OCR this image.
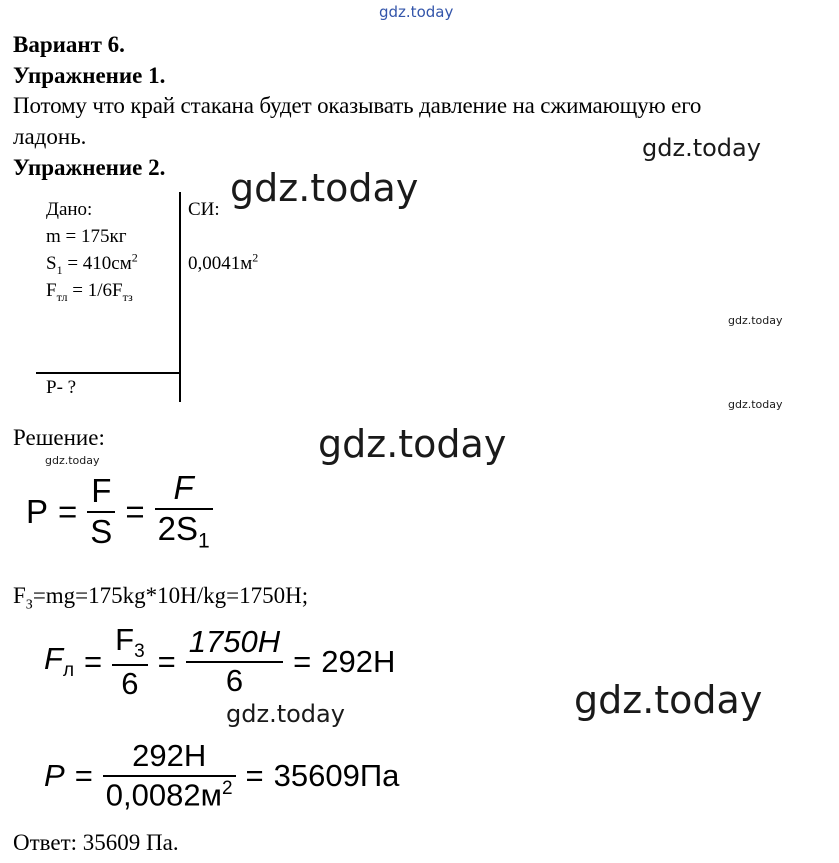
gdz.today
gdz.today
gdz.today
gdz.today
gdz.today
gdz.today
gdz.today
gdz.today
gdz.today
Вариант 6.
Упражнение 1.
Потому что край стакана будет оказывать давление на сжимающую его
ладонь.
Упражнение 2.
Дано:
m = 175кг
$S_1 = 410см^2$
$F_{тл} = 1/6F_{тз}$
P- ?
СИ:
$0,0041м^2$
Решение:
$P = \frac{F}{S} = \frac{F}{2S_1}$
$F_З=mg=175kg*10H/kg=1750H$;
$F_л = \frac{F_3}{6} = \frac{1750H}{6} = 292Н$
$P = \frac{292Н}{0,0082м^2} = 35609Па$
Ответ: 35609 Па.
